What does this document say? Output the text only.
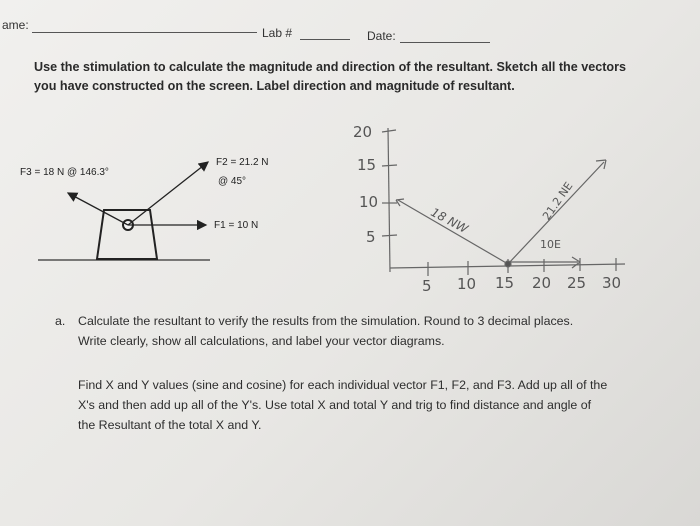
ame:
Lab #	Date:
Use the stimulation to calculate the magnitude and direction of the resultant. Sketch all the vectors
you have constructed on the screen. Label direction and magnitude of resultant.
F3 = 18 N @ 146.3°
F2 = 21.2 N
@ 45°
F1 = 10 N
20
15
10
5
5 10 15 20 25 30
18 NW	21.2 NE
10E
a. Calculate the resultant to verify the results from the simulation. Round to 3 decimal places.
Write clearly, show all calculations, and label your vector diagrams.
Find X and Y values (sine and cosine) for each individual vector F1, F2, and F3. Add up all of the
X's and then add up all of the Y's. Use total X and total Y and trig to find distance and angle of
the Resultant of the total X and Y.
